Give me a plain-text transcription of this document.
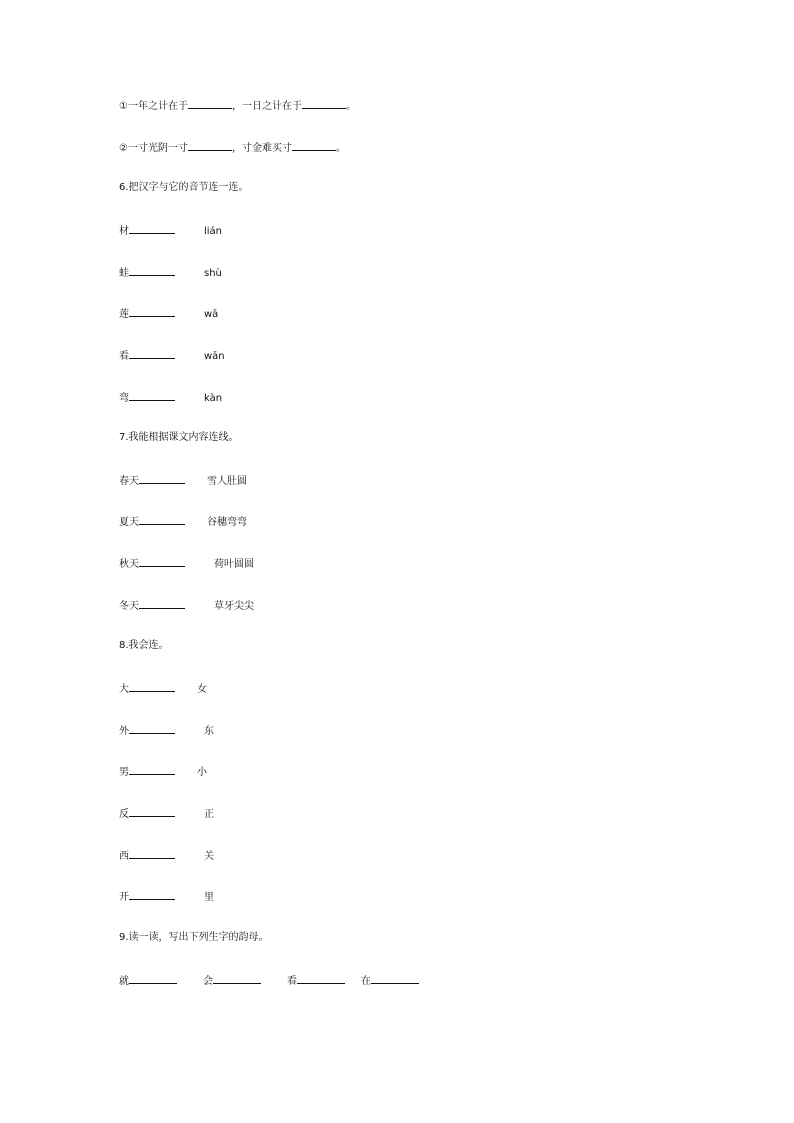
①一年之计在于	，一日之计在于	。
②一寸光阴一寸	，寸金难买寸	。
6.把汉字与它的音节连一连。
材	lián
蛙	shù
莲	wā
看	wān
弯	kàn
7.我能根据课文内容连线。
春天	雪人肚圆
夏天	谷穗弯弯
秋天	荷叶圆圆
冬天	草牙尖尖
8.我会连。
大	女
外	东
男	小
反	正
西	关
开	里
9.读一读，写出下列生字的韵母。
就	会	看	在
